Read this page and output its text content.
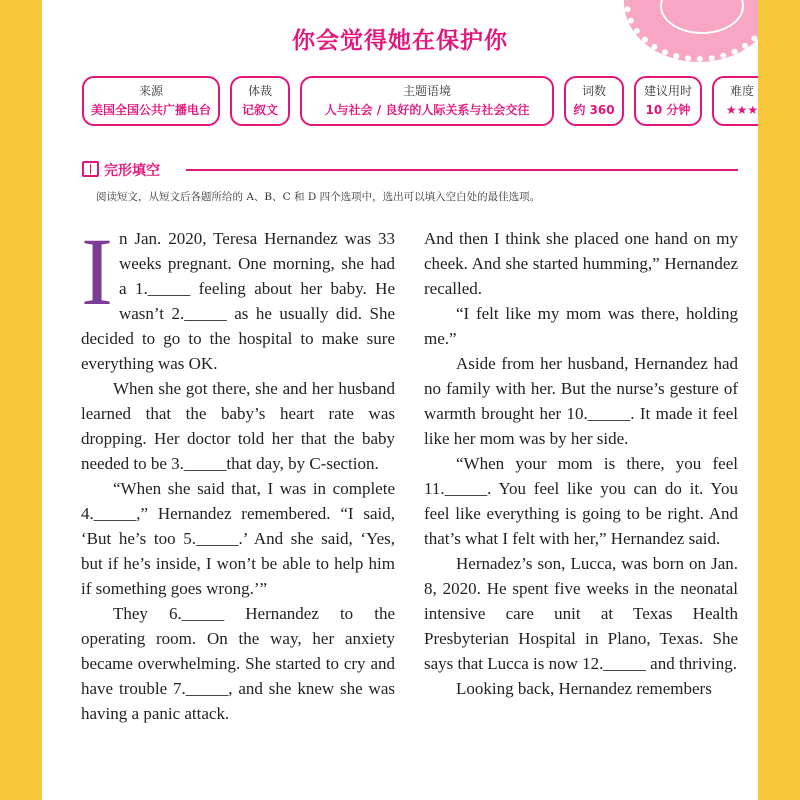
你会觉得她在保护你
来源
美国全国公共广播电台
体裁
记叙文
主题语境
人与社会 / 良好的人际关系与社会交往
词数
约 360
建议用时
10 分钟
难度
★★★
完形填空
阅读短文，从短文后各题所给的 A、B、C 和 D 四个选项中，选出可以填入空白处的最佳选项。
I n Jan. 2020, Teresa Hernandez was 33 weeks pregnant. One morning, she had a 1._____ feeling about her baby. He wasn’t 2._____ as he usually did. She decided to go to the hospital to make sure everything was OK.

When she got there, she and her husband learned that the baby’s heart rate was dropping. Her doctor told her that the baby needed to be 3._____that day, by C-section.

“When she said that, I was in complete 4._____,” Hernandez remembered. “I said, ‘But he’s too 5._____.’ And she said, ‘Yes, but if he’s inside, I won’t be able to help him if something goes wrong.’”

They 6._____ Hernandez to the operating room. On the way, her anxiety became overwhelming. She started to cry and have trouble 7._____, and she knew she was having a panic attack.

And then I think she placed one hand on my cheek. And she started humming,” Hernandez recalled.

“I felt like my mom was there, holding me.”

Aside from her husband, Hernandez had no family with her. But the nurse’s gesture of warmth brought her 10._____. It made it feel like her mom was by her side.

“When your mom is there, you feel 11._____. You feel like you can do it. You feel like everything is going to be right. And that’s what I felt with her,” Hernandez said.

Hernadez’s son, Lucca, was born on Jan. 8, 2020. He spent five weeks in the neonatal intensive care unit at Texas Health Presbyterian Hospital in Plano, Texas. She says that Lucca is now 12._____ and thriving.

Looking back, Hernandez remembers
